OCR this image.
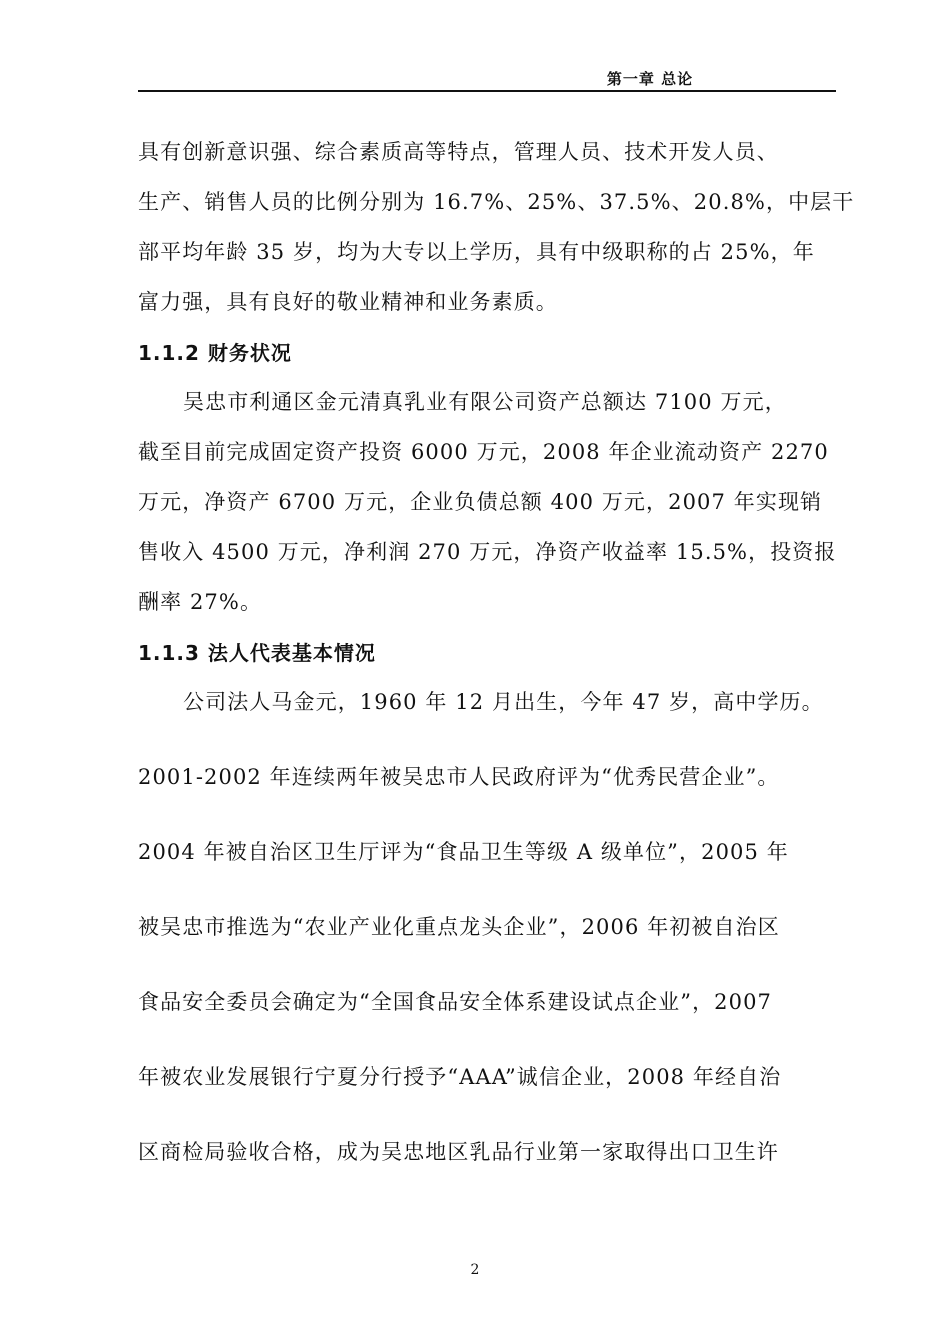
第一章 总论
具有创新意识强、综合素质高等特点，管理人员、技术开发人员、
生产、销售人员的比例分别为 16.7%、25%、37.5%、20.8%，中层干
部平均年龄 35 岁，均为大专以上学历，具有中级职称的占 25%，年
富力强，具有良好的敬业精神和业务素质。
1.1.2 财务状况
吴忠市利通区金元清真乳业有限公司资产总额达 7100 万元，
截至目前完成固定资产投资 6000 万元，2008 年企业流动资产 2270
万元，净资产 6700 万元，企业负债总额 400 万元，2007 年实现销
售收入 4500 万元，净利润 270 万元，净资产收益率 15.5%，投资报
酬率 27%。
1.1.3 法人代表基本情况
公司法人马金元，1960 年 12 月出生，今年 47 岁，高中学历。
2001-2002 年连续两年被吴忠市人民政府评为“优秀民营企业”。
2004 年被自治区卫生厅评为“食品卫生等级 A 级单位”，2005 年
被吴忠市推选为“农业产业化重点龙头企业”，2006 年初被自治区
食品安全委员会确定为“全国食品安全体系建设试点企业”，2007
年被农业发展银行宁夏分行授予“AAA”诚信企业，2008 年经自治
区商检局验收合格，成为吴忠地区乳品行业第一家取得出口卫生许
2
